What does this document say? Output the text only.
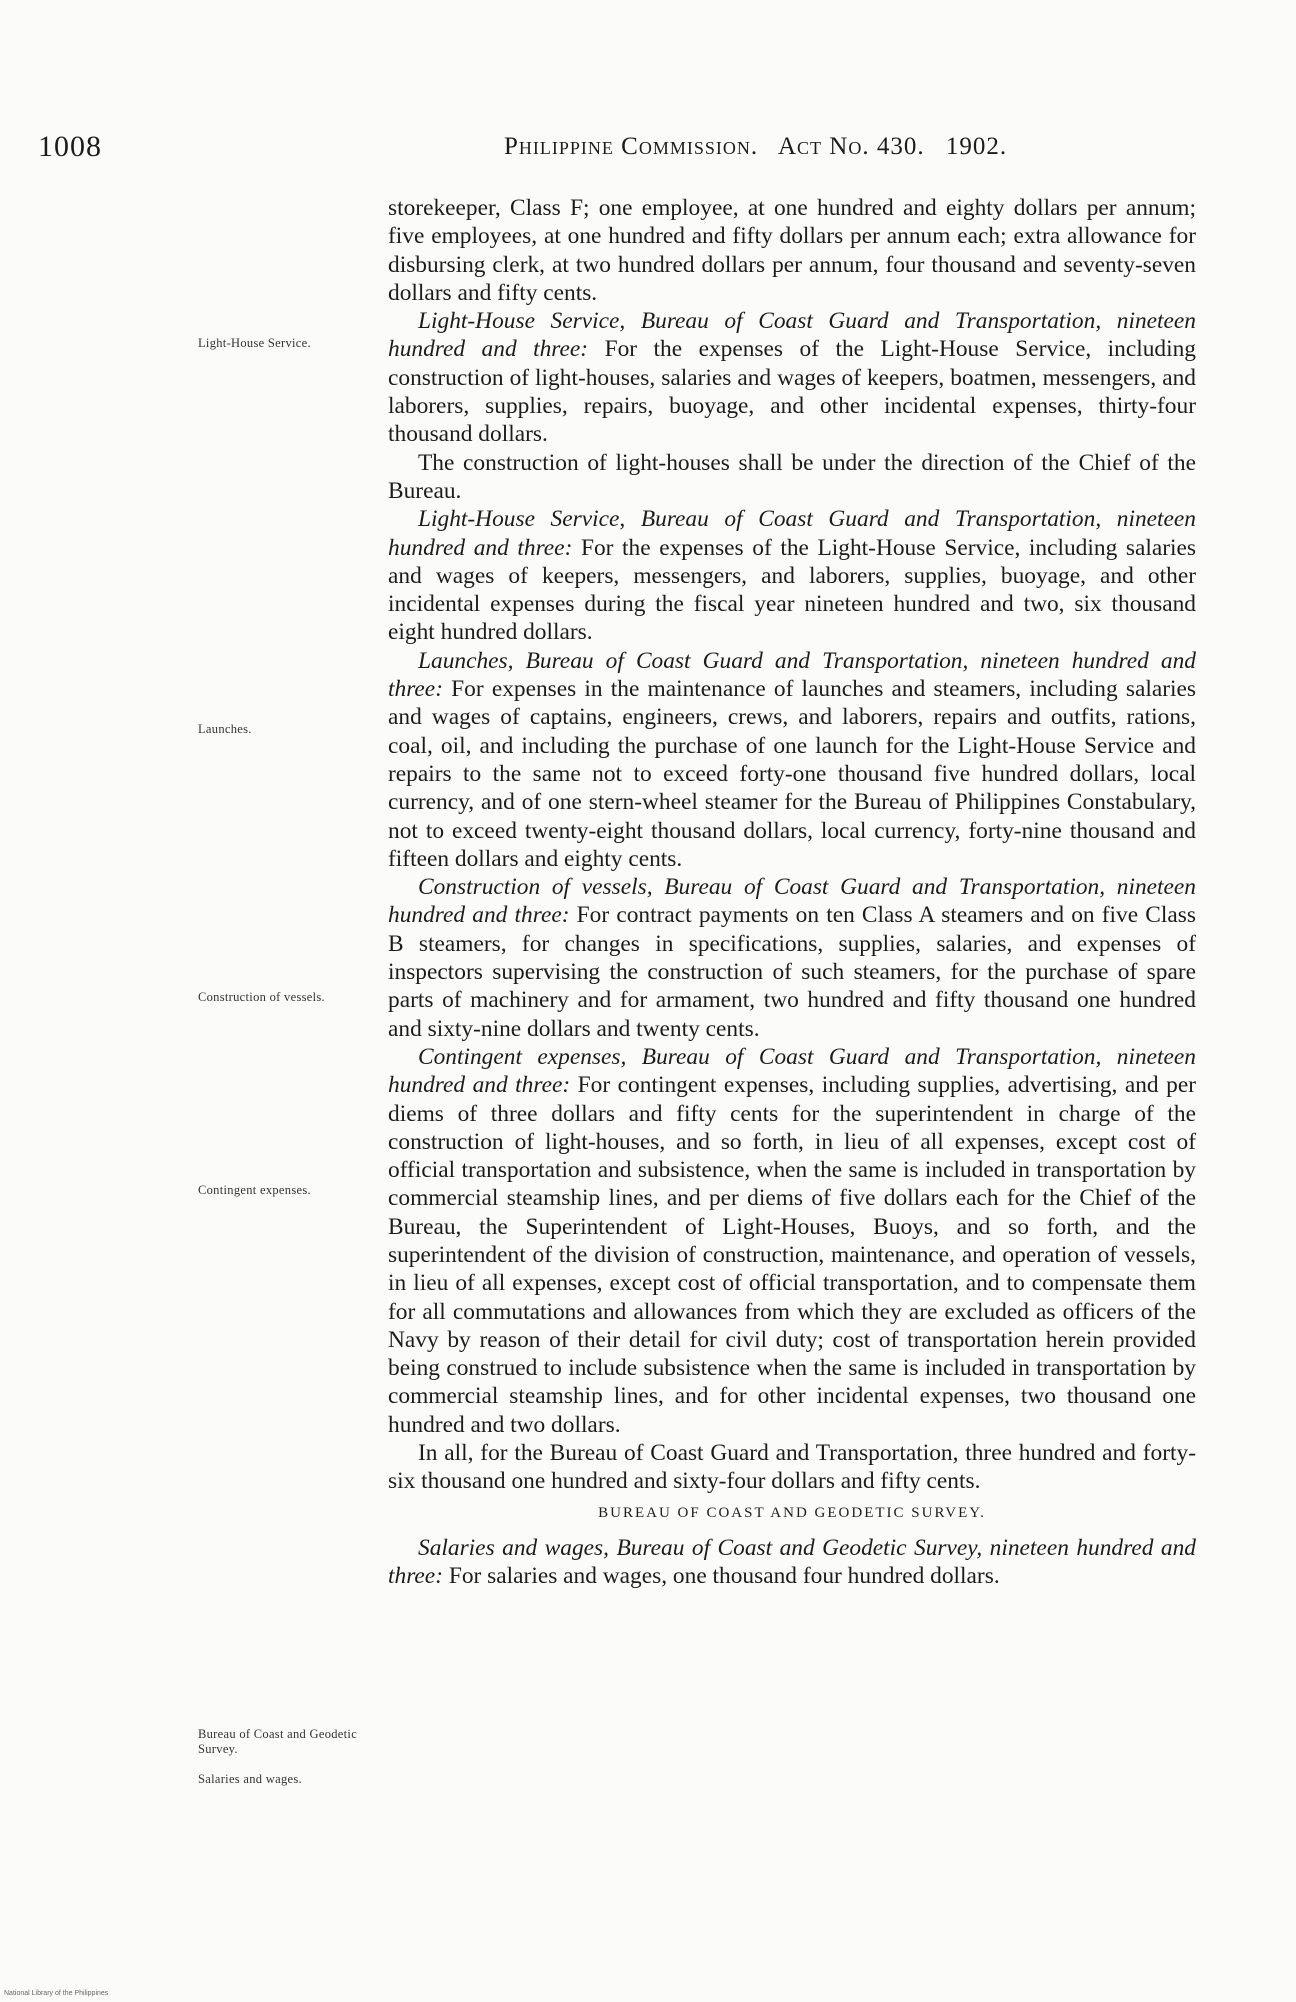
1008	Philippine Commission. Act No. 430. 1902.
Light-House Service.
Launches.
Construction of vessels.
Contingent expenses.
Bureau of Coast and Geodetic Survey.
Salaries and wages.

storekeeper, Class F; one employee, at one hundred and eighty dollars per annum; five employees, at one hundred and fifty dollars per annum each; extra allowance for disbursing clerk, at two hundred dollars per annum, four thousand and seventy-seven dollars and fifty cents.

Light-House Service, Bureau of Coast Guard and Transportation, nineteen hundred and three: For the expenses of the Light-House Service, including construction of light-houses, salaries and wages of keepers, boatmen, messengers, and laborers, supplies, repairs, buoyage, and other incidental expenses, thirty-four thousand dollars.

The construction of light-houses shall be under the direction of the Chief of the Bureau.

Light-House Service, Bureau of Coast Guard and Transportation, nineteen hundred and three: For the expenses of the Light-House Service, including salaries and wages of keepers, messengers, and laborers, supplies, buoyage, and other incidental expenses during the fiscal year nineteen hundred and two, six thousand eight hundred dollars.

Launches, Bureau of Coast Guard and Transportation, nineteen hundred and three: For expenses in the maintenance of launches and steamers, including salaries and wages of captains, engineers, crews, and laborers, repairs and outfits, rations, coal, oil, and including the purchase of one launch for the Light-House Service and repairs to the same not to exceed forty-one thousand five hundred dollars, local currency, and of one stern-wheel steamer for the Bureau of Philippines Constabulary, not to exceed twenty-eight thousand dollars, local currency, forty-nine thousand and fifteen dollars and eighty cents.

Construction of vessels, Bureau of Coast Guard and Transportation, nineteen hundred and three: For contract payments on ten Class A steamers and on five Class B steamers, for changes in specifications, supplies, salaries, and expenses of inspectors supervising the construction of such steamers, for the purchase of spare parts of machinery and for armament, two hundred and fifty thousand one hundred and sixty-nine dollars and twenty cents.

Contingent expenses, Bureau of Coast Guard and Transportation, nineteen hundred and three: For contingent expenses, including supplies, advertising, and per diems of three dollars and fifty cents for the superintendent in charge of the construction of light-houses, and so forth, in lieu of all expenses, except cost of official transportation and subsistence, when the same is included in transportation by commercial steamship lines, and per diems of five dollars each for the Chief of the Bureau, the Superintendent of Light-Houses, Buoys, and so forth, and the superintendent of the division of construction, maintenance, and operation of vessels, in lieu of all expenses, except cost of official transportation, and to compensate them for all commutations and allowances from which they are excluded as officers of the Navy by reason of their detail for civil duty; cost of transportation herein provided being construed to include subsistence when the same is included in transportation by commercial steamship lines, and for other incidental expenses, two thousand one hundred and two dollars.

In all, for the Bureau of Coast Guard and Transportation, three hundred and forty-six thousand one hundred and sixty-four dollars and fifty cents.

BUREAU OF COAST AND GEODETIC SURVEY.

Salaries and wages, Bureau of Coast and Geodetic Survey, nineteen hundred and three: For salaries and wages, one thousand four hundred dollars.

National Library of the Philippines
